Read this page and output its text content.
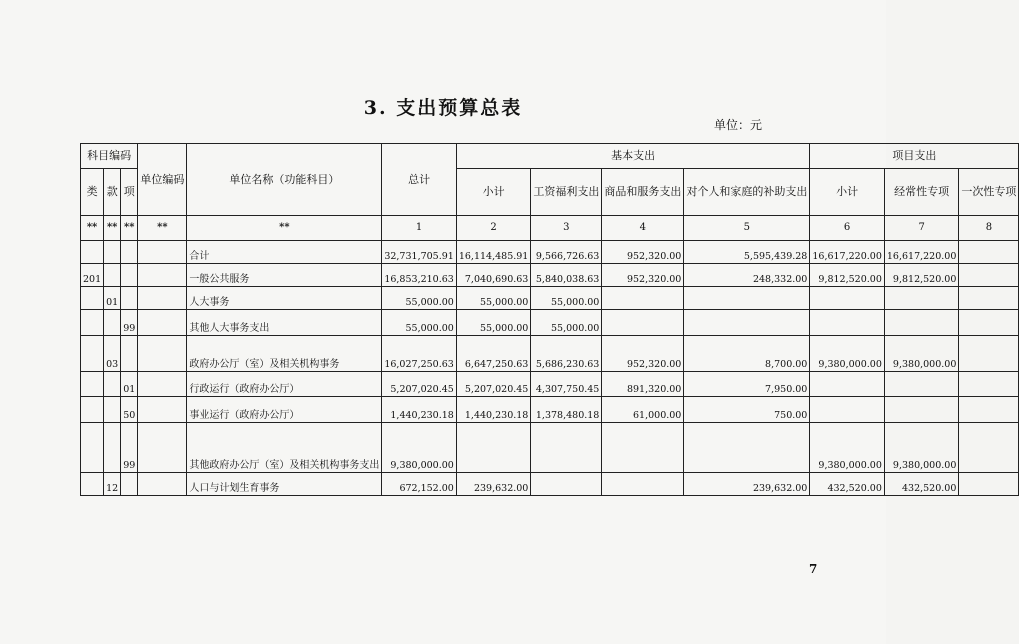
3. 支出预算总表
单位：元
科目编码			单位编码	单位名称（功能科目）	总计	基本支出				项目支出		
类	款	项				小计	工资福利支出	商品和服务支出	对个人和家庭的补助支出	小计	经常性专项	一次性专项
**	**	**	**	**	1	2	3	4	5	6	7	8
				合计	32,731,705.91	16,114,485.91	9,566,726.63	952,320.00	5,595,439.28	16,617,220.00	16,617,220.00	
201				一般公共服务	16,853,210.63	7,040,690.63	5,840,038.63	952,320.00	248,332.00	9,812,520.00	9,812,520.00	
	01			人大事务	55,000.00	55,000.00	55,000.00					
		99		其他人大事务支出	55,000.00	55,000.00	55,000.00					
	03			政府办公厅（室）及相关机构事务	16,027,250.63	6,647,250.63	5,686,230.63	952,320.00	8,700.00	9,380,000.00	9,380,000.00	
		01		行政运行（政府办公厅）	5,207,020.45	5,207,020.45	4,307,750.45	891,320.00	7,950.00			
		50		事业运行（政府办公厅）	1,440,230.18	1,440,230.18	1,378,480.18	61,000.00	750.00			
		99		其他政府办公厅（室）及相关机构事务支出	9,380,000.00					9,380,000.00	9,380,000.00	
	12			人口与计划生育事务	672,152.00	239,632.00			239,632.00	432,520.00	432,520.00	
7
